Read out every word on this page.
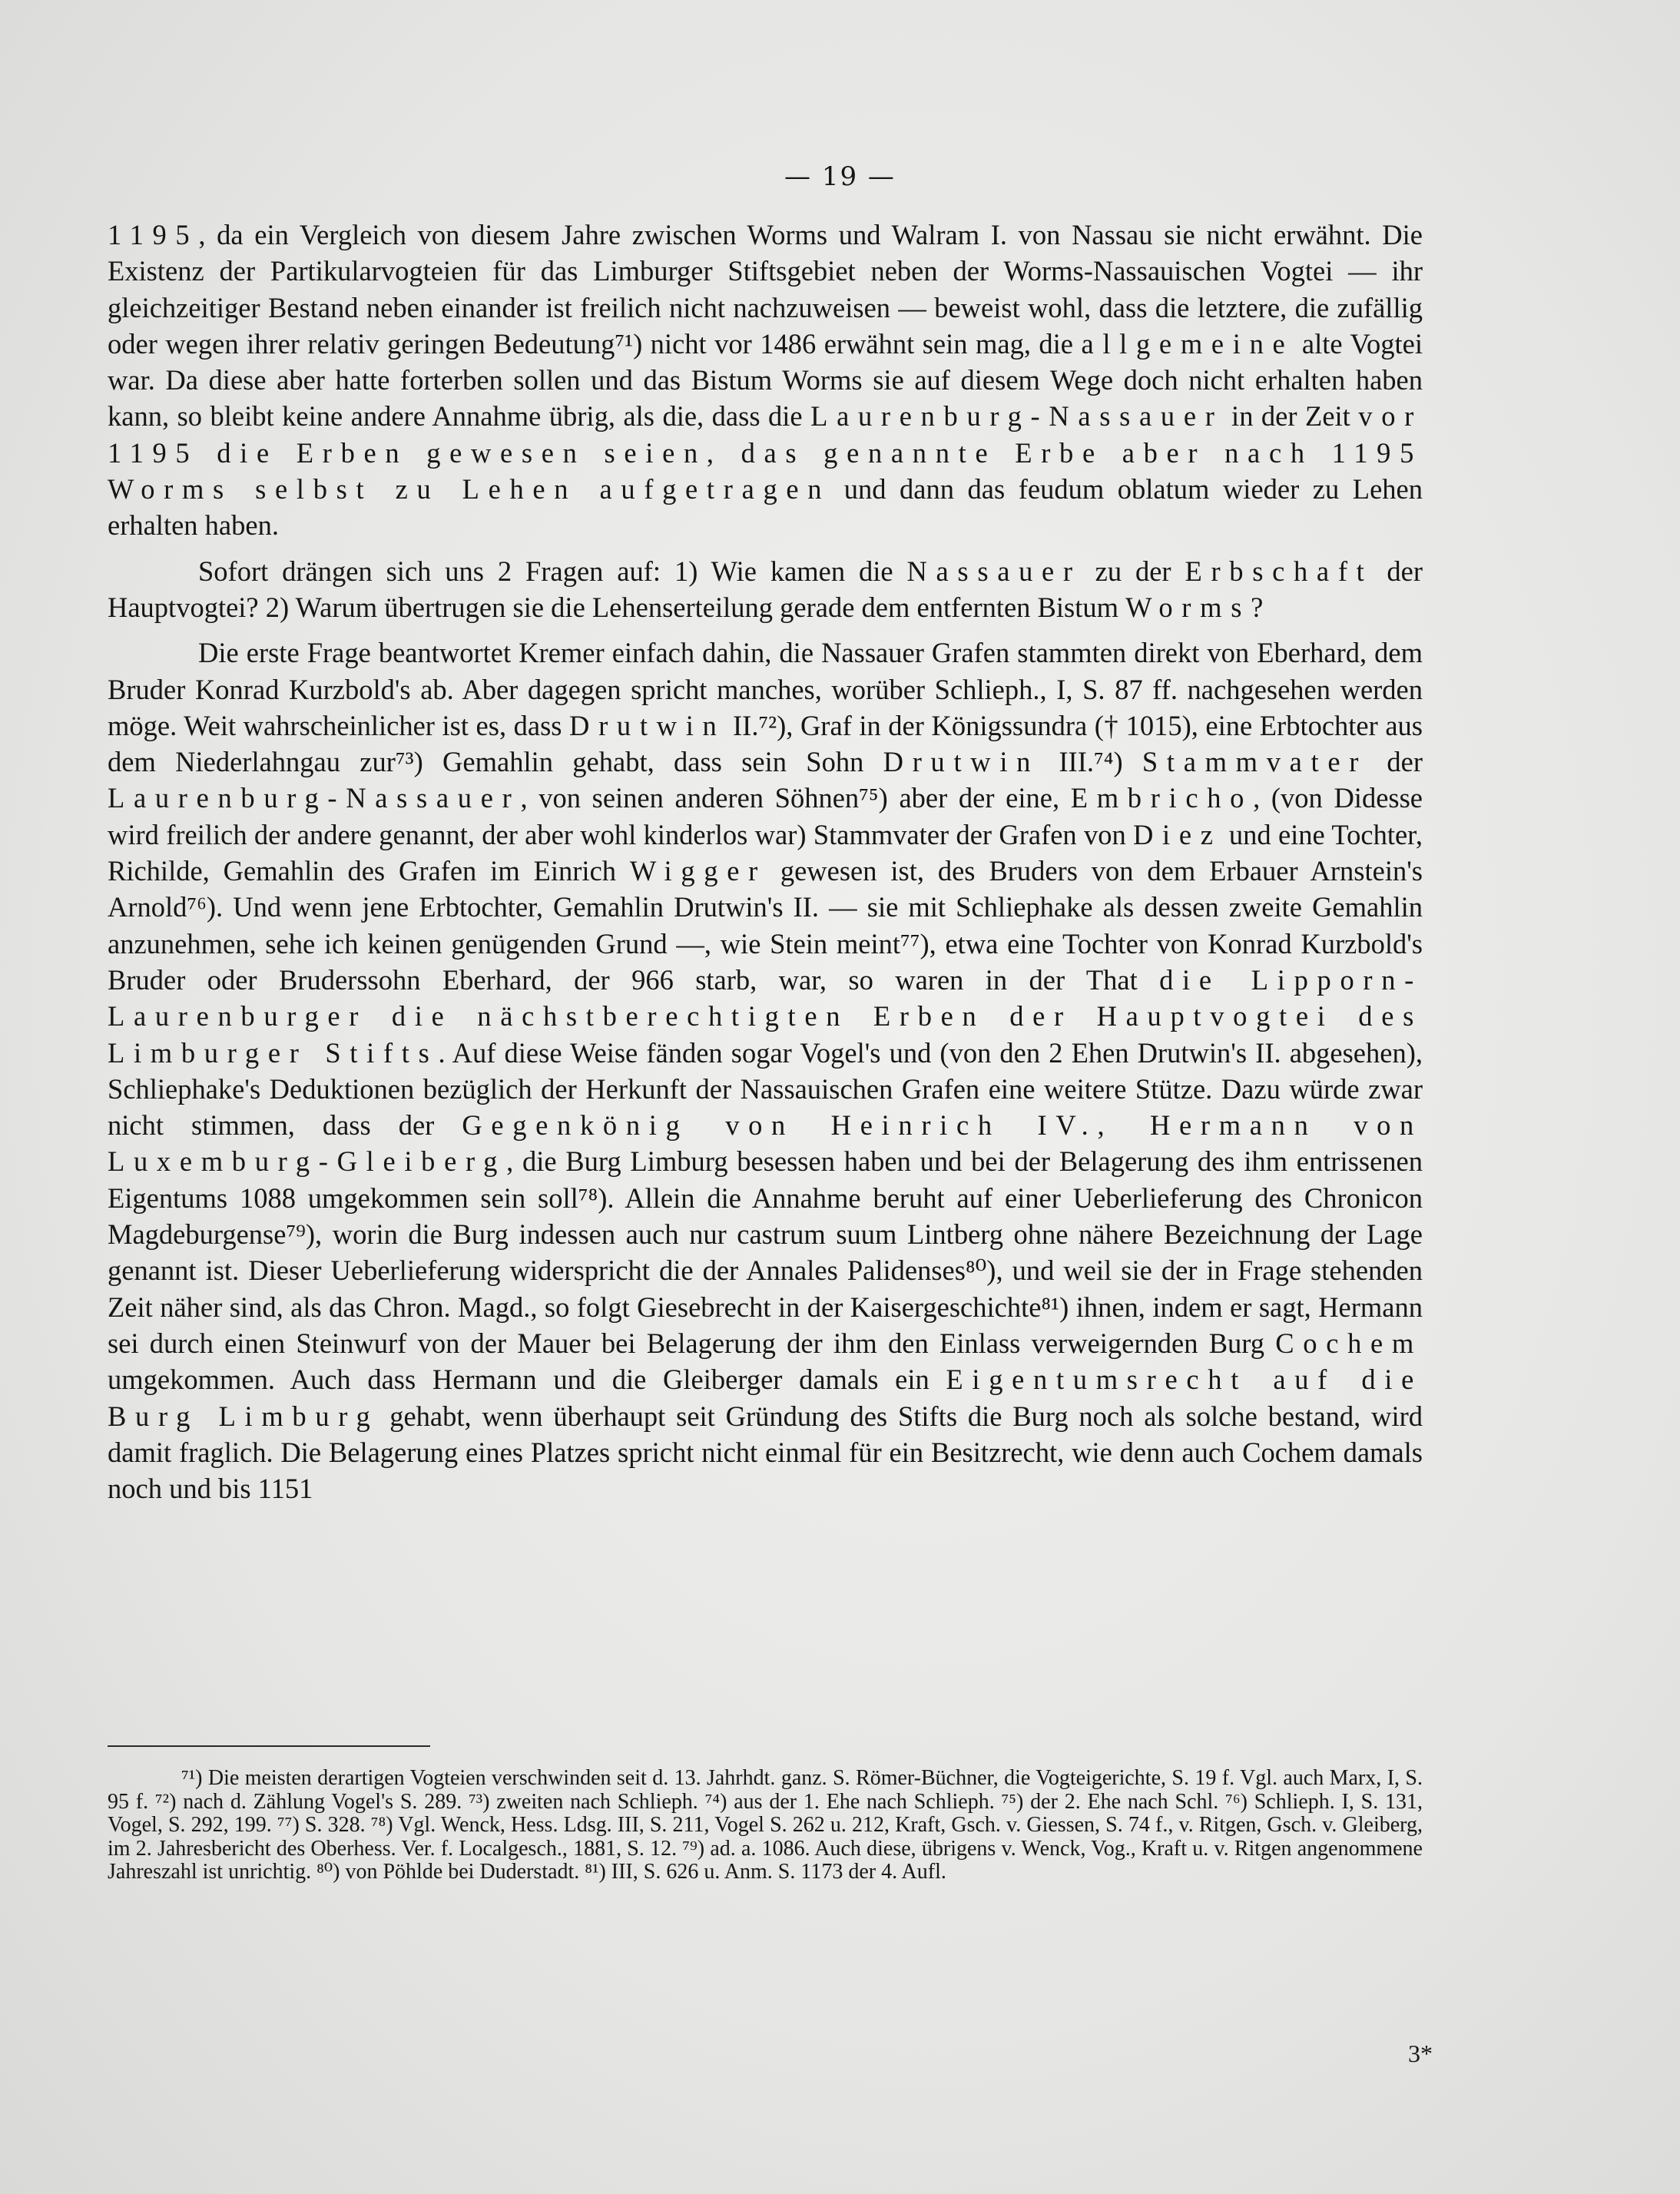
— 19 —

1195, da ein Vergleich von diesem Jahre zwischen Worms und Walram I. von Nassau sie nicht erwähnt. Die Existenz der Partikularvogteien für das Limburger Stiftsgebiet neben der Worms-Nassauischen Vogtei — ihr gleichzeitiger Bestand neben einander ist freilich nicht nachzuweisen — beweist wohl, dass die letztere, die zufällig oder wegen ihrer relativ geringen Bedeutung⁷¹) nicht vor 1486 erwähnt sein mag, die allgemeine alte Vogtei war. Da diese aber hatte forterben sollen und das Bistum Worms sie auf diesem Wege doch nicht erhalten haben kann, so bleibt keine andere Annahme übrig, als die, dass die Laurenburg-Nassauer in der Zeit vor 1195 die Erben gewesen seien, das genannte Erbe aber nach 1195 Worms selbst zu Lehen aufgetragen und dann das feudum oblatum wieder zu Lehen erhalten haben.

Sofort drängen sich uns 2 Fragen auf: 1) Wie kamen die Nassauer zu der Erbschaft der Hauptvogtei? 2) Warum übertrugen sie die Lehenserteilung gerade dem entfernten Bistum Worms?

Die erste Frage beantwortet Kremer einfach dahin, die Nassauer Grafen stammten direkt von Eberhard, dem Bruder Konrad Kurzbold's ab. Aber dagegen spricht manches, worüber Schlieph., I, S. 87 ff. nachgesehen werden möge. Weit wahrscheinlicher ist es, dass Drutwin II.⁷²), Graf in der Königssundra († 1015), eine Erbtochter aus dem Niederlahngau zur⁷³) Gemahlin gehabt, dass sein Sohn Drutwin III.⁷⁴) Stammvater der Laurenburg-Nassauer, von seinen anderen Söhnen⁷⁵) aber der eine, Embricho, (von Didesse wird freilich der andere genannt, der aber wohl kinderlos war) Stammvater der Grafen von Diez und eine Tochter, Richilde, Gemahlin des Grafen im Einrich Wigger gewesen ist, des Bruders von dem Erbauer Arnstein's Arnold⁷⁶). Und wenn jene Erbtochter, Gemahlin Drutwin's II. — sie mit Schliephake als dessen zweite Gemahlin anzunehmen, sehe ich keinen genügenden Grund —, wie Stein meint⁷⁷), etwa eine Tochter von Konrad Kurzbold's Bruder oder Bruderssohn Eberhard, der 966 starb, war, so waren in der That die Lipporn-Laurenburger die nächstberechtigten Erben der Hauptvogtei des Limburger Stifts. Auf diese Weise fänden sogar Vogel's und (von den 2 Ehen Drutwin's II. abgesehen), Schliephake's Deduktionen bezüglich der Herkunft der Nassauischen Grafen eine weitere Stütze. Dazu würde zwar nicht stimmen, dass der Gegenkönig von Heinrich IV., Hermann von Luxemburg-Gleiberg, die Burg Limburg besessen haben und bei der Belagerung des ihm entrissenen Eigentums 1088 umgekommen sein soll⁷⁸). Allein die Annahme beruht auf einer Ueberlieferung des Chronicon Magdeburgense⁷⁹), worin die Burg indessen auch nur castrum suum Lintberg ohne nähere Bezeichnung der Lage genannt ist. Dieser Ueberlieferung widerspricht die der Annales Palidenses⁸⁰), und weil sie der in Frage stehenden Zeit näher sind, als das Chron. Magd., so folgt Giesebrecht in der Kaisergeschichte⁸¹) ihnen, indem er sagt, Hermann sei durch einen Steinwurf von der Mauer bei Belagerung der ihm den Einlass verweigernden Burg Cochem umgekommen. Auch dass Hermann und die Gleiberger damals ein Eigentumsrecht auf die Burg Limburg gehabt, wenn überhaupt seit Gründung des Stifts die Burg noch als solche bestand, wird damit fraglich. Die Belagerung eines Platzes spricht nicht einmal für ein Besitzrecht, wie denn auch Cochem damals noch und bis 1151

⁷¹) Die meisten derartigen Vogteien verschwinden seit d. 13. Jahrhdt. ganz. S. Römer-Büchner, die Vogteigerichte, S. 19 f. Vgl. auch Marx, I, S. 95 f. ⁷²) nach d. Zählung Vogel's S. 289. ⁷³) zweiten nach Schlieph. ⁷⁴) aus der 1. Ehe nach Schlieph. ⁷⁵) der 2. Ehe nach Schl. ⁷⁶) Schlieph. I, S. 131, Vogel, S. 292, 199. ⁷⁷) S. 328. ⁷⁸) Vgl. Wenck, Hess. Ldsg. III, S. 211, Vogel S. 262 u. 212, Kraft, Gsch. v. Giessen, S. 74 f., v. Ritgen, Gsch. v. Gleiberg, im 2. Jahresbericht des Oberhess. Ver. f. Localgesch., 1881, S. 12. ⁷⁹) ad. a. 1086. Auch diese, übrigens v. Wenck, Vog., Kraft u. v. Ritgen angenommene Jahreszahl ist unrichtig. ⁸⁰) von Pöhlde bei Duderstadt. ⁸¹) III, S. 626 u. Anm. S. 1173 der 4. Aufl.
3*
